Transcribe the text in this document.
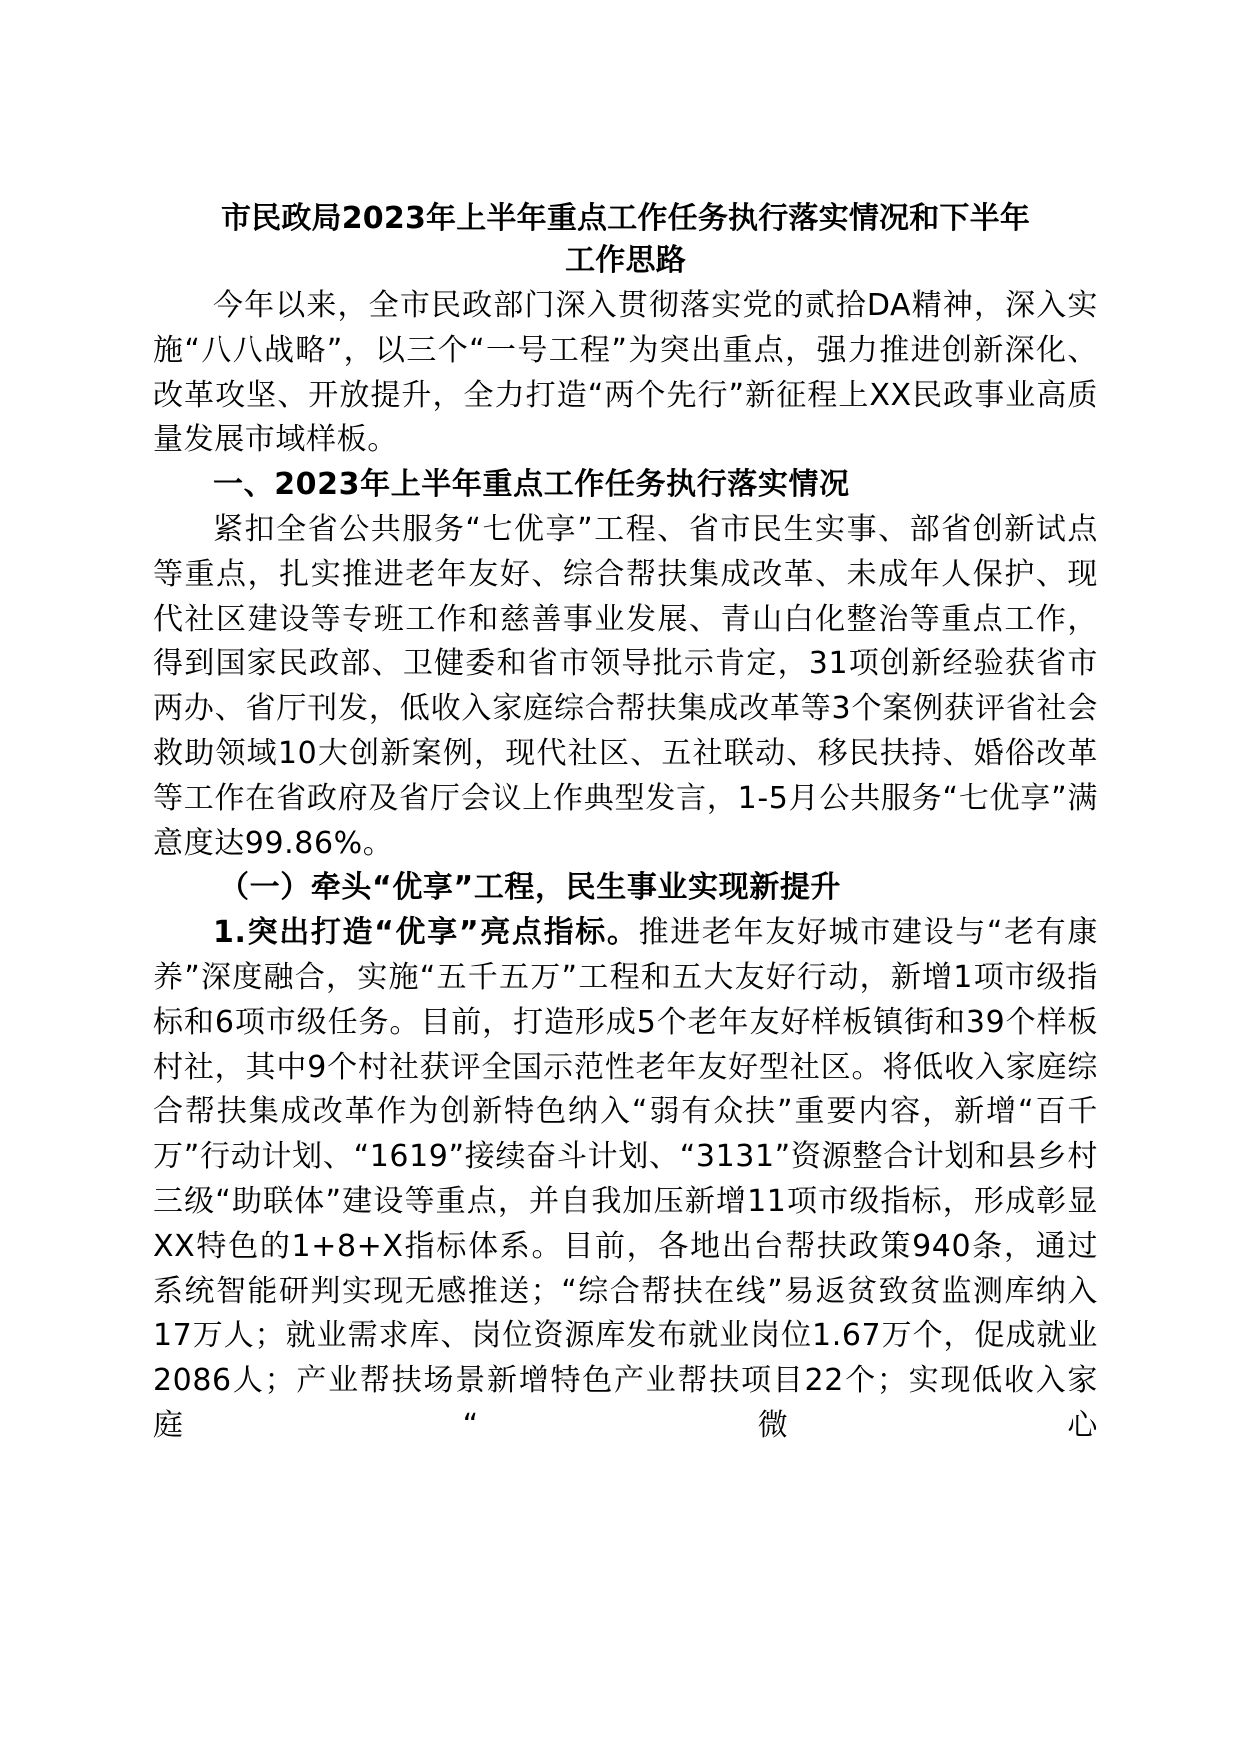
市民政局2023年上半年重点工作任务执行落实情况和下半年
工作思路

今年以来，全市民政部门深入贯彻落实党的贰拾DA精神，深入实施“八八战略”，以三个“一号工程”为突出重点，强力推进创新深化、改革攻坚、开放提升，全力打造“两个先行”新征程上XX民政事业高质量发展市域样板。

一、2023年上半年重点工作任务执行落实情况

紧扣全省公共服务“七优享”工程、省市民生实事、部省创新试点等重点，扎实推进老年友好、综合帮扶集成改革、未成年人保护、现代社区建设等专班工作和慈善事业发展、青山白化整治等重点工作，得到国家民政部、卫健委和省市领导批示肯定，31项创新经验获省市两办、省厅刊发，低收入家庭综合帮扶集成改革等3个案例获评省社会救助领域10大创新案例，现代社区、五社联动、移民扶持、婚俗改革等工作在省政府及省厅会议上作典型发言，1-5月公共服务“七优享”满意度达99.86%。

（一）牵头“优享”工程，民生事业实现新提升

1.突出打造“优享”亮点指标。推进老年友好城市建设与“老有康养”深度融合，实施“五千五万”工程和五大友好行动，新增1项市级指标和6项市级任务。目前，打造形成5个老年友好样板镇街和39个样板村社，其中9个村社获评全国示范性老年友好型社区。将低收入家庭综合帮扶集成改革作为创新特色纳入“弱有众扶”重要内容，新增“百千万”行动计划、“1619”接续奋斗计划、“3131”资源整合计划和县乡村三级“助联体”建设等重点，并自我加压新增11项市级指标，形成彰显XX特色的1+8+X指标体系。目前，各地出台帮扶政策940条，通过系统智能研判实现无感推送；“综合帮扶在线”易返贫致贫监测库纳入17万人；就业需求库、岗位资源库发布就业岗位1.67万个，促成就业2086人；产业帮扶场景新增特色产业帮扶项目22个；实现低收入家庭“微心
